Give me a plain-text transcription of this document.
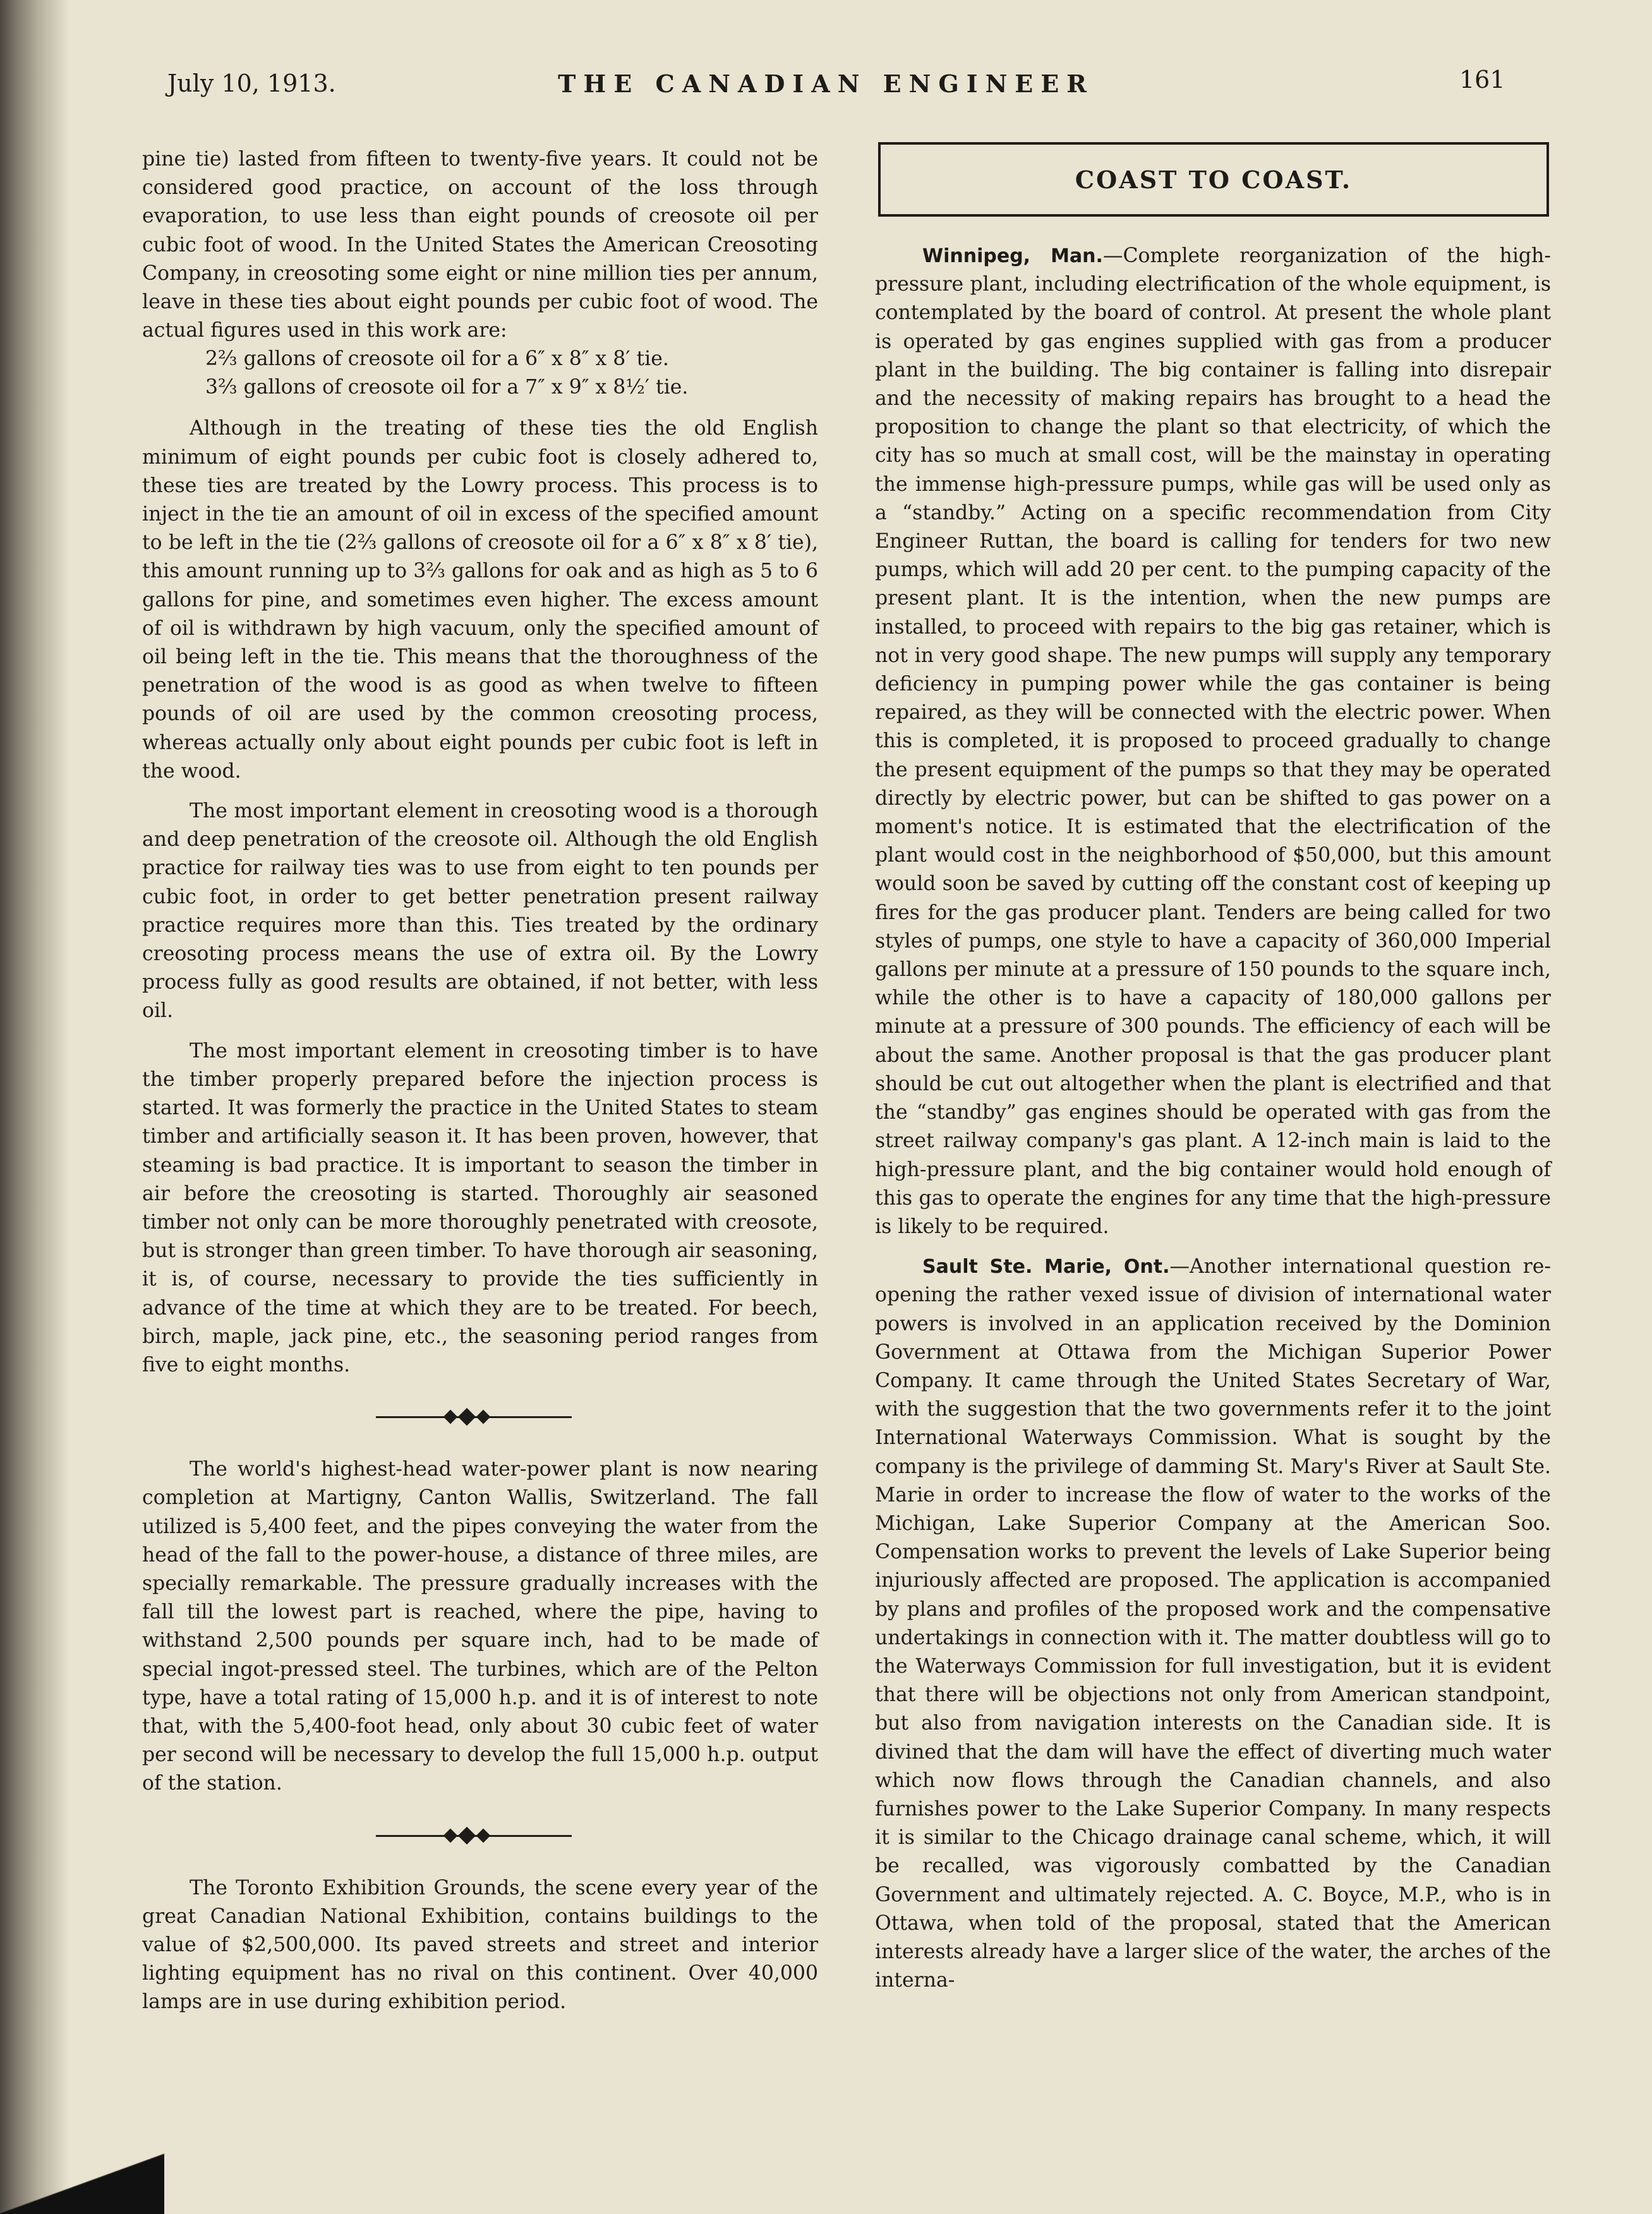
July 10, 1913.	THE CANADIAN ENGINEER	161

pine tie) lasted from fifteen to twenty-five years. It could not be considered good practice, on account of the loss through evaporation, to use less than eight pounds of creosote oil per cubic foot of wood. In the United States the American Creosoting Company, in creosoting some eight or nine million ties per annum, leave in these ties about eight pounds per cubic foot of wood. The actual figures used in this work are:

2⅔ gallons of creosote oil for a 6″ x 8″ x 8′ tie.
3⅔ gallons of creosote oil for a 7″ x 9″ x 8½′ tie.

Although in the treating of these ties the old English minimum of eight pounds per cubic foot is closely adhered to, these ties are treated by the Lowry process. This process is to inject in the tie an amount of oil in excess of the specified amount to be left in the tie (2⅔ gallons of creosote oil for a 6″ x 8″ x 8′ tie), this amount running up to 3⅔ gallons for oak and as high as 5 to 6 gallons for pine, and sometimes even higher. The excess amount of oil is withdrawn by high vacuum, only the specified amount of oil being left in the tie. This means that the thoroughness of the penetration of the wood is as good as when twelve to fifteen pounds of oil are used by the common creosoting process, whereas actually only about eight pounds per cubic foot is left in the wood.

The most important element in creosoting wood is a thorough and deep penetration of the creosote oil. Although the old English practice for railway ties was to use from eight to ten pounds per cubic foot, in order to get better penetration present railway practice requires more than this. Ties treated by the ordinary creosoting process means the use of extra oil. By the Lowry process fully as good results are obtained, if not better, with less oil.

The most important element in creosoting timber is to have the timber properly prepared before the injection process is started. It was formerly the practice in the United States to steam timber and artificially season it. It has been proven, however, that steaming is bad practice. It is important to season the timber in air before the creosoting is started. Thoroughly air seasoned timber not only can be more thoroughly penetrated with creosote, but is stronger than green timber. To have thorough air seasoning, it is, of course, necessary to provide the ties sufficiently in advance of the time at which they are to be treated. For beech, birch, maple, jack pine, etc., the seasoning period ranges from five to eight months.

The world's highest-head water-power plant is now nearing completion at Martigny, Canton Wallis, Switzerland. The fall utilized is 5,400 feet, and the pipes conveying the water from the head of the fall to the power-house, a distance of three miles, are specially remarkable. The pressure gradually increases with the fall till the lowest part is reached, where the pipe, having to withstand 2,500 pounds per square inch, had to be made of special ingot-pressed steel. The turbines, which are of the Pelton type, have a total rating of 15,000 h.p. and it is of interest to note that, with the 5,400-foot head, only about 30 cubic feet of water per second will be necessary to develop the full 15,000 h.p. output of the station.

The Toronto Exhibition Grounds, the scene every year of the great Canadian National Exhibition, contains buildings to the value of $2,500,000. Its paved streets and street and interior lighting equipment has no rival on this continent. Over 40,000 lamps are in use during exhibition period.

COAST TO COAST.

Winnipeg, Man.—Complete reorganization of the high-pressure plant, including electrification of the whole equipment, is contemplated by the board of control. At present the whole plant is operated by gas engines supplied with gas from a producer plant in the building. The big container is falling into disrepair and the necessity of making repairs has brought to a head the proposition to change the plant so that electricity, of which the city has so much at small cost, will be the mainstay in operating the immense high-pressure pumps, while gas will be used only as a “standby.” Acting on a specific recommendation from City Engineer Ruttan, the board is calling for tenders for two new pumps, which will add 20 per cent. to the pumping capacity of the present plant. It is the intention, when the new pumps are installed, to proceed with repairs to the big gas retainer, which is not in very good shape. The new pumps will supply any temporary deficiency in pumping power while the gas container is being repaired, as they will be connected with the electric power. When this is completed, it is proposed to proceed gradually to change the present equipment of the pumps so that they may be operated directly by electric power, but can be shifted to gas power on a moment's notice. It is estimated that the electrification of the plant would cost in the neighborhood of $50,000, but this amount would soon be saved by cutting off the constant cost of keeping up fires for the gas producer plant. Tenders are being called for two styles of pumps, one style to have a capacity of 360,000 Imperial gallons per minute at a pressure of 150 pounds to the square inch, while the other is to have a capacity of 180,000 gallons per minute at a pressure of 300 pounds. The efficiency of each will be about the same. Another proposal is that the gas producer plant should be cut out altogether when the plant is electrified and that the “standby” gas engines should be operated with gas from the street railway company's gas plant. A 12-inch main is laid to the high-pressure plant, and the big container would hold enough of this gas to operate the engines for any time that the high-pressure is likely to be required.

Sault Ste. Marie, Ont.—Another international question re-opening the rather vexed issue of division of international water powers is involved in an application received by the Dominion Government at Ottawa from the Michigan Superior Power Company. It came through the United States Secretary of War, with the suggestion that the two governments refer it to the joint International Waterways Commission. What is sought by the company is the privilege of damming St. Mary's River at Sault Ste. Marie in order to increase the flow of water to the works of the Michigan, Lake Superior Company at the American Soo. Compensation works to prevent the levels of Lake Superior being injuriously affected are proposed. The application is accompanied by plans and profiles of the proposed work and the compensative undertakings in connection with it. The matter doubtless will go to the Waterways Commission for full investigation, but it is evident that there will be objections not only from American standpoint, but also from navigation interests on the Canadian side. It is divined that the dam will have the effect of diverting much water which now flows through the Canadian channels, and also furnishes power to the Lake Superior Company. In many respects it is similar to the Chicago drainage canal scheme, which, it will be recalled, was vigorously combatted by the Canadian Government and ultimately rejected. A. C. Boyce, M.P., who is in Ottawa, when told of the proposal, stated that the American interests already have a larger slice of the water, the arches of the interna-
